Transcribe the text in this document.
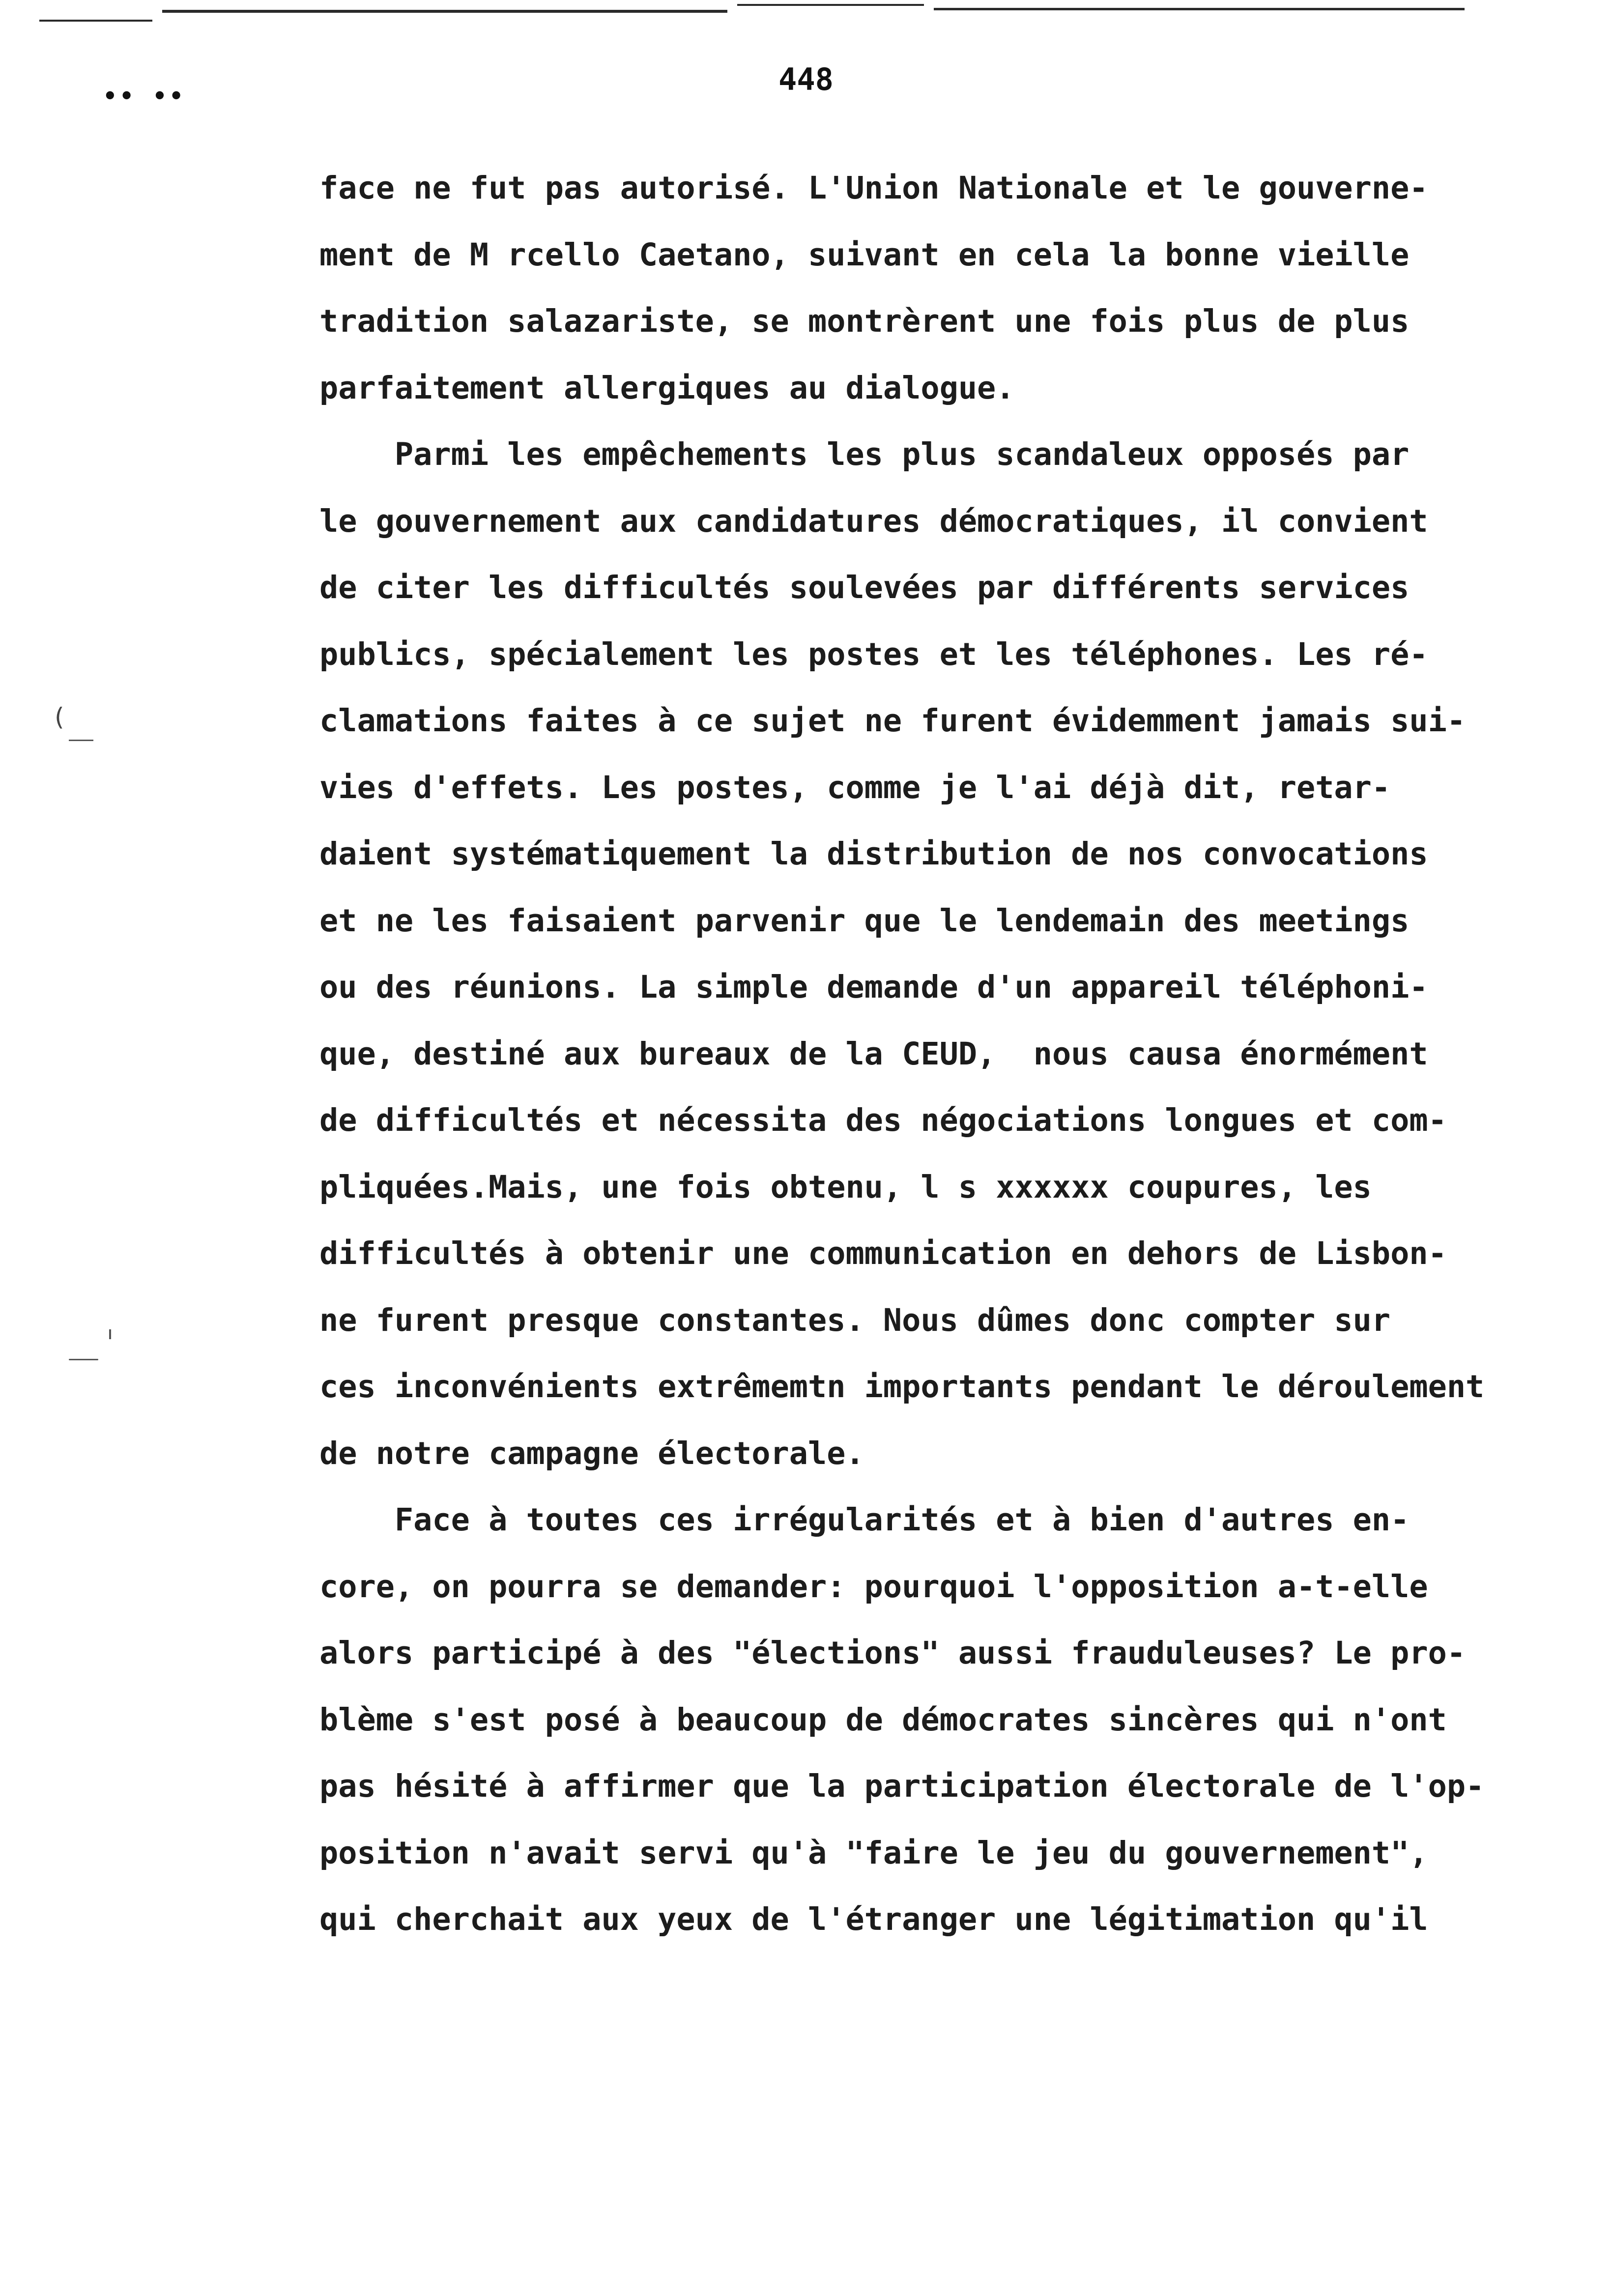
•• ••	448
(
face ne fut pas autorisé. L'Union Nationale et le gouverne-
ment de M rcello Caetano, suivant en cela la bonne vieille
tradition salazariste, se montrèrent une fois plus de plus
parfaitement allergiques au dialogue.
Parmi les empêchements les plus scandaleux opposés par
le gouvernement aux candidatures démocratiques, il convient
de citer les difficultés soulevées par différents services
publics, spécialement les postes et les téléphones. Les ré-
clamations faites à ce sujet ne furent évidemment jamais sui-
vies d'effets. Les postes, comme je l'ai déjà dit, retar-
daient systématiquement la distribution de nos convocations
et ne les faisaient parvenir que le lendemain des meetings
ou des réunions. La simple demande d'un appareil téléphoni-
que, destiné aux bureaux de la CEUD,  nous causa énormément
de difficultés et nécessita des négociations longues et com-
pliquées.Mais, une fois obtenu, l s xxxxxx coupures, les
difficultés à obtenir une communication en dehors de Lisbon-
ne furent presque constantes. Nous dûmes donc compter sur
ces inconvénients extrêmemtn importants pendant le déroulement
de notre campagne électorale.
Face à toutes ces irrégularités et à bien d'autres en-
core, on pourra se demander: pourquoi l'opposition a-t-elle
alors participé à des "élections" aussi frauduleuses? Le pro-
blème s'est posé à beaucoup de démocrates sincères qui n'ont
pas hésité à affirmer que la participation électorale de l'op-
position n'avait servi qu'à "faire le jeu du gouvernement",
qui cherchait aux yeux de l'étranger une légitimation qu'il
